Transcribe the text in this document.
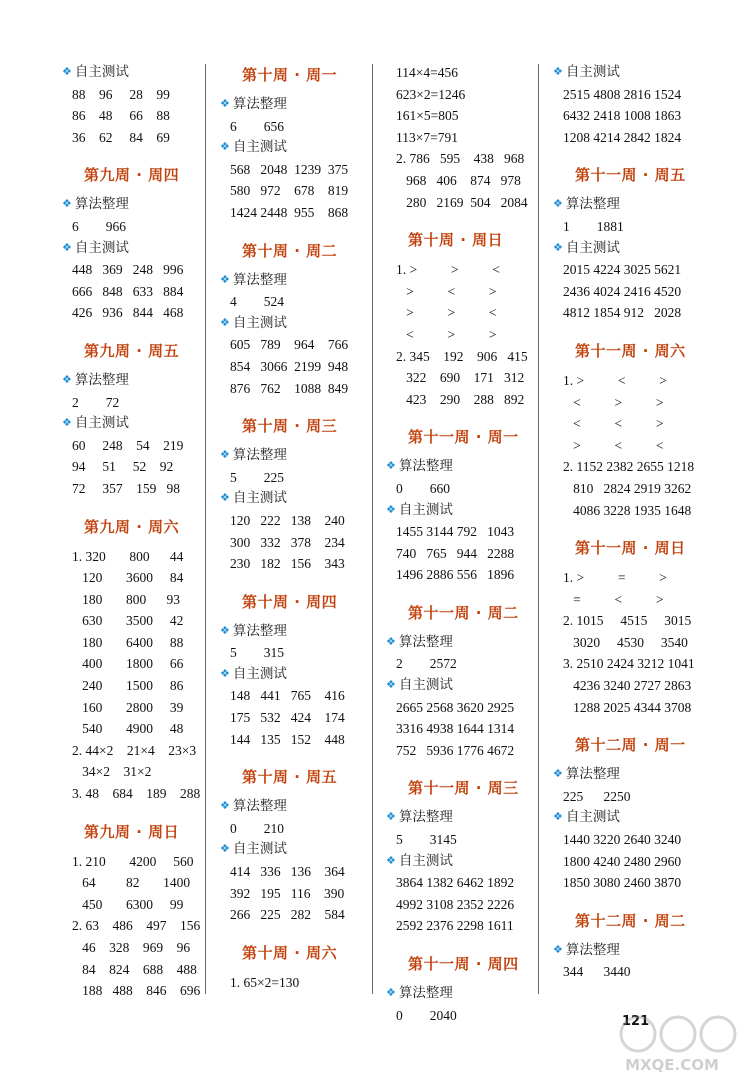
❖ 自主测试
88    96     28    99
86    48     66    88
36    62     84    69
第九周 · 周四
❖ 算法整理
6        966
❖ 自主测试
448   369   248   996
666   848   633   884
426   936   844   468
第九周 · 周五
❖ 算法整理
2        72
❖ 自主测试
60     248    54    219
94     51     52    92
72     357    159   98
第九周 · 周六
1. 320       800      44
120       3600     84
180       800      93
630       3500     42
180       6400     88
400       1800     66
240       1500     86
160       2800     39
540       4900     48
2. 44×2    21×4    23×3
34×2    31×2
3. 48    684    189    288
第九周 · 周日
1. 210       4200     560
64         82       1400
450       6300     99
2. 63    486    497    156
46    328    969    96
84    824    688    488
188   488    846    696
第十周 · 周一
❖ 算法整理
6        656
❖ 自主测试
568   2048  1239  375
580   972    678    819
1424 2448  955    868
第十周 · 周二
❖ 算法整理
4        524
❖ 自主测试
605   789    964    766
854   3066  2199  948
876   762    1088  849
第十周 · 周三
❖ 算法整理
5        225
❖ 自主测试
120   222   138    240
300   332   378    234
230   182   156    343
第十周 · 周四
❖ 算法整理
5        315
❖ 自主测试
148   441   765    416
175   532   424    174
144   135   152    448
第十周 · 周五
❖ 算法整理
0        210
❖ 自主测试
414   336   136    364
392   195   116    390
266   225   282    584
第十周 · 周六
1. 65×2=130
114×4=456
623×2=1246
161×5=805
113×7=791
2. 786   595    438   968
968   406    874   978
280   2169  504   2084
第十周 · 周日
1. >          >          <
>          <          >
>          >          <
<          >          >
2. 345    192    906   415
322    690    171   312
423    290    288   892
第十一周 · 周一
❖ 算法整理
0        660
❖ 自主测试
1455 3144 792   1043
740   765   944   2288
1496 2886 556   1896
第十一周 · 周二
❖ 算法整理
2        2572
❖ 自主测试
2665 2568 3620 2925
3316 4938 1644 1314
752   5936 1776 4672
第十一周 · 周三
❖ 算法整理
5        3145
❖ 自主测试
3864 1382 6462 1892
4992 3108 2352 2226
2592 2376 2298 1611
第十一周 · 周四
❖ 算法整理
0        2040
❖ 自主测试
2515 4808 2816 1524
6432 2418 1008 1863
1208 4214 2842 1824
第十一周 · 周五
❖ 算法整理
1        1881
❖ 自主测试
2015 4224 3025 5621
2436 4024 2416 4520
4812 1854 912   2028
第十一周 · 周六
1. >          <          >
<          >          >
<          <          >
>          <          <
2. 1152 2382 2655 1218
810   2824 2919 3262
4086 3228 1935 1648
第十一周 · 周日
1. >          =          >
=          <          >
2. 1015     4515     3015
3020     4530     3540
3. 2510 2424 3212 1041
4236 3240 2727 2863
1288 2025 4344 3708
第十二周 · 周一
❖ 算法整理
225      2250
❖ 自主测试
1440 3220 2640 3240
1800 4240 2480 2960
1850 3080 2460 3870
第十二周 · 周二
❖ 算法整理
344      3440
121
MXQE.COM
